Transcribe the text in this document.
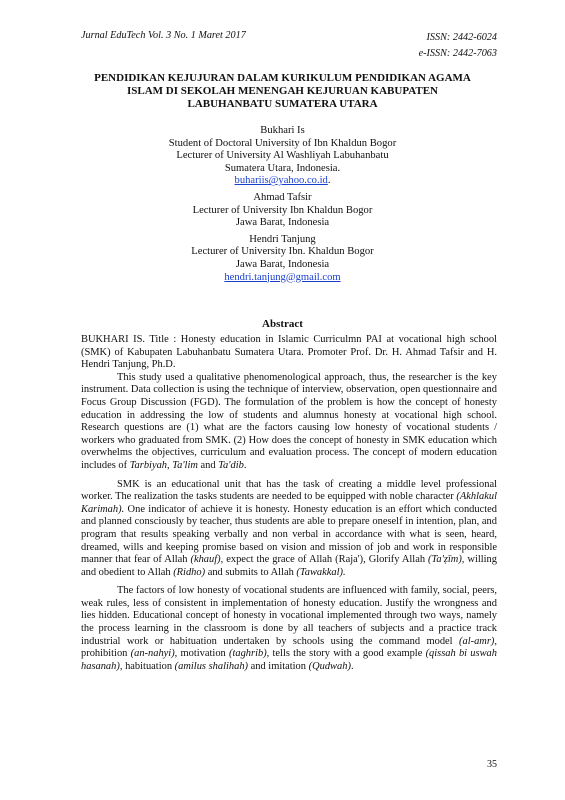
Jurnal EduTech Vol. 3 No. 1 Maret 2017	ISSN: 2442-6024
e-ISSN: 2442-7063
PENDIDIKAN KEJUJURAN DALAM KURIKULUM PENDIDIKAN AGAMA
ISLAM DI SEKOLAH MENENGAH KEJURUAN KABUPATEN
LABUHANBATU SUMATERA UTARA
Bukhari Is
Student of Doctoral University of Ibn Khaldun Bogor
Lecturer of University Al Washliyah Labuhanbatu
Sumatera Utara, Indonesia.
buhariis@yahoo.co.id.
Ahmad Tafsir
Lecturer of University Ibn Khaldun Bogor
Jawa Barat, Indonesia
Hendri Tanjung
Lecturer of University Ibn. Khaldun Bogor
Jawa Barat, Indonesia
hendri.tanjung@gmail.com
Abstract

BUKHARI IS. Title : Honesty education in Islamic Curriculmn PAI at vocational high school (SMK) of Kabupaten Labuhanbatu Sumatera Utara. Promoter Prof. Dr. H. Ahmad Tafsir and H. Hendri Tanjung, Ph.D.

This study used a qualitative phenomenological approach, thus, the researcher is the key instrument. Data collection is using the technique of interview, observation, open questionnaire and Focus Group Discussion (FGD). The formulation of the problem is how the concept of honesty education in addressing the low of students and alumnus honesty at vocational high school. Research questions are (1) what are the factors causing low honesty of vocational students / workers who graduated from SMK. (2) How does the concept of honesty in SMK education which overwhelms the objectives, curriculum and evaluation process. The concept of modern education includes of Tarbiyah, Ta'lim and Ta'dib.

SMK is an educational unit that has the task of creating a middle level professional worker. The realization the tasks students are needed to be equipped with noble character (Akhlakul Karimah). One indicator of achieve it is honesty. Honesty education is an effort which conducted and planned consciously by teacher, thus students are able to prepare oneself in intention, plan, and program that results speaking verbally and non verbal in accordance with what is seen, heard, dreamed, wills and keeping promise based on vision and mission of job and work in responsible manner that fear of Allah (khauf), expect the grace of Allah (Raja'), Glorify Allah (Ta'ẓīm), willing and obedient to Allah (Ridho) and submits to Allah (Tawakkal).

The factors of low honesty of vocational students are influenced with family, social, peers, weak rules, less of consistent in implementation of honesty education. Justify the wrongness and lies hidden. Educational concept of honesty in vocational implemented through two ways, namely the process learning in the classroom is done by all teachers of subjects and a practice track industrial work or habituation undertaken by schools using the command model (al-amr), prohibition (an-nahyi), motivation (taghrib), tells the story with a good example (qissah bi uswah hasanah), habituation (amilus shalihah) and imitation (Qudwah).

35
